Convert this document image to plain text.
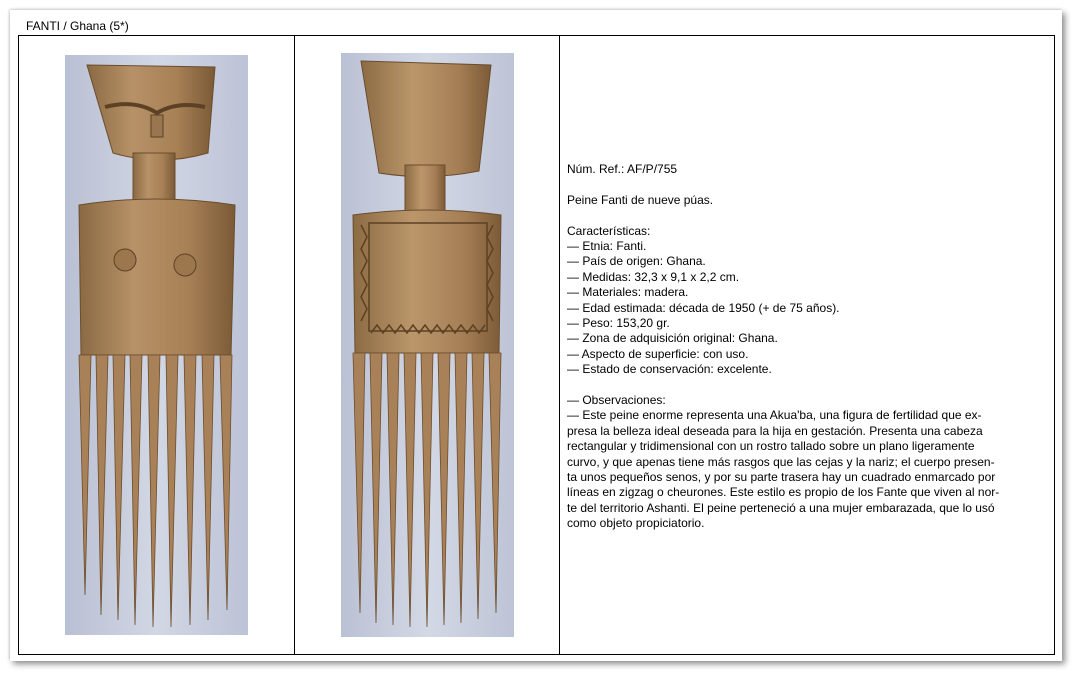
FANTI / Ghana (5*)
Núm. Ref.: AF/P/755
Peine Fanti de nueve púas.
Características:
— Etnia: Fanti.
— País de origen: Ghana.
— Medidas: 32,3 x 9,1 x 2,2 cm.
— Materiales: madera.
— Edad estimada: década de 1950 (+ de 75 años).
— Peso: 153,20 gr.
— Zona de adquisición original: Ghana.
— Aspecto de superficie: con uso.
— Estado de conservación: excelente.
— Observaciones:
— Este peine enorme representa una Akua'ba, una figura de fertilidad que ex-
presa la belleza ideal deseada para la hija en gestación. Presenta una cabeza
rectangular y tridimensional con un rostro tallado sobre un plano ligeramente
curvo, y que apenas tiene más rasgos que las cejas y la nariz; el cuerpo presen-
ta unos pequeños senos, y por su parte trasera hay un cuadrado enmarcado por
líneas en zigzag o cheurones. Este estilo es propio de los Fante que viven al nor-
te del territorio Ashanti. El peine perteneció a una mujer embarazada, que lo usó
como objeto propiciatorio.
